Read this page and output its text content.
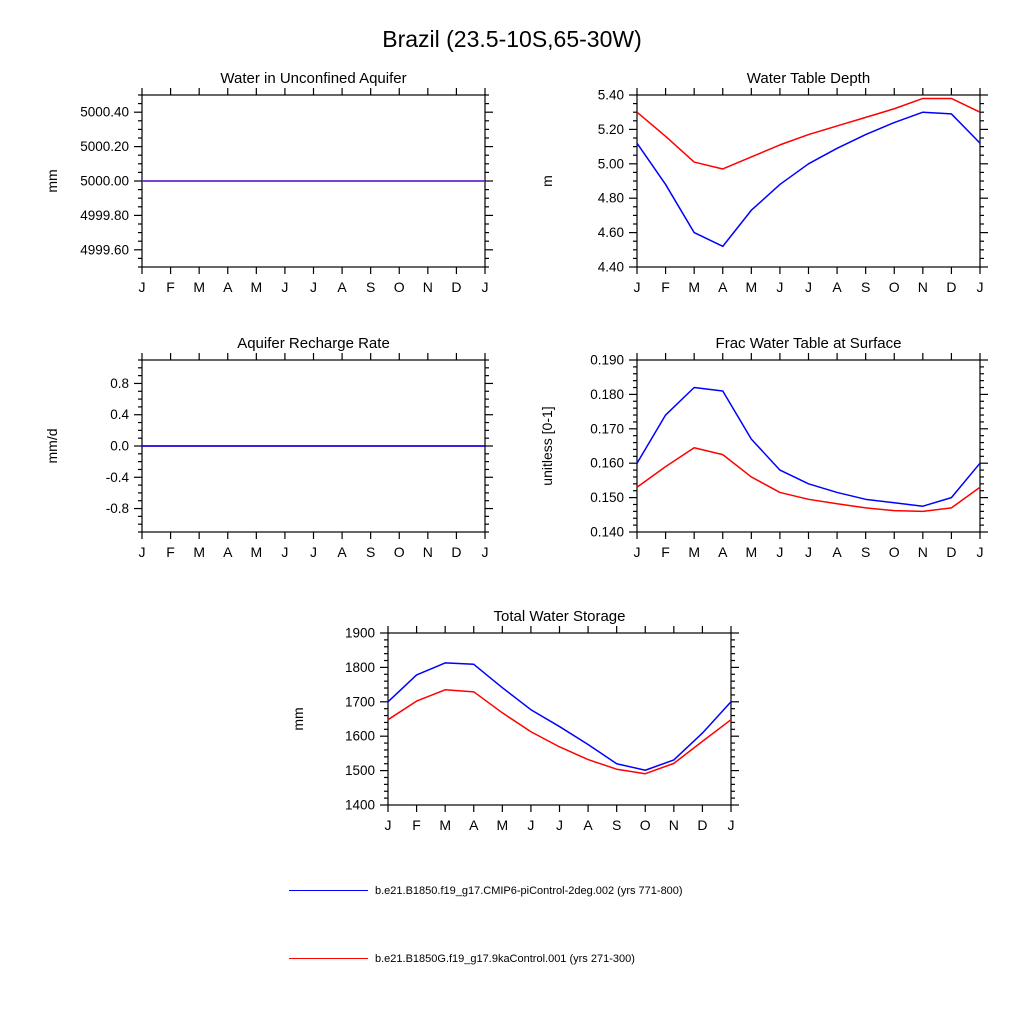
Brazil (23.5-10S,65-30W)
J F M A M J J A S O N D J
4999.60
4999.80
5000.00
5000.20
5000.40
Water in Unconfined Aquifer
mm
J F M A M J J A S O N D J
4.40
4.60
4.80
5.00
5.20
5.40
Water Table Depth
m
J F M A M J J A S O N D J
-0.8
-0.4
0.0
0.4
0.8
Aquifer Recharge Rate
mm/d
J F M A M J J A S O N D J
0.140
0.150
0.160
0.170
0.180
0.190
Frac Water Table at Surface
unitless [0-1]
J F M A M J J A S O N D J
1400
1500
1600
1700
1800
1900
Total Water Storage
mm
b.e21.B1850.f19_g17.CMIP6-piControl-2deg.002 (yrs 771-800)
b.e21.B1850G.f19_g17.9kaControl.001 (yrs 271-300)
